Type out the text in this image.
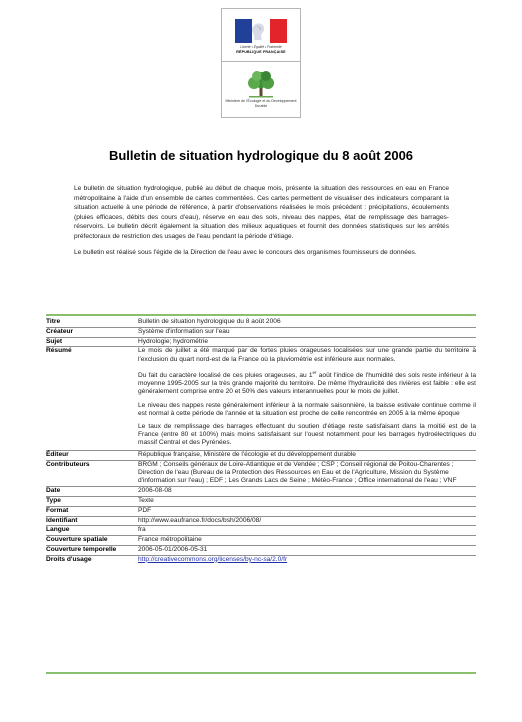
Liberté • Égalité • Fraternité
RÉPUBLIQUE FRANÇAISE
Ministère de l'Écologie et du Développement Durable
Bulletin de situation hydrologique du 8 août 2006

Le bulletin de situation hydrologique, publié au début de chaque mois, présente la situation des ressources en eau en France métropolitaine à l'aide d'un ensemble de cartes commentées. Ces cartes permettent de visualiser des indicateurs comparant la situation actuelle à une période de référence, à partir d'observations réalisées le mois précédent : précipitations, écoulements (pluies efficaces, débits des cours d'eau), réserve en eau des sols, niveau des nappes, état de remplissage des barrages-réservoirs. Le bulletin décrit également la situation des milieux aquatiques et fournit des données statistiques sur les arrêtés préfectoraux de restriction des usages de l'eau pendant la période d'étiage.

Le bulletin est réalisé sous l'égide de la Direction de l'eau avec le concours des organismes fournisseurs de données.

Titre	Bulletin de situation hydrologique du 8 août 2006
Créateur	Système d'information sur l'eau
Sujet	Hydrologie; hydrométrie
Résumé	Le mois de juillet a été marqué par de fortes pluies orageuses localisées sur une grande partie du territoire à l'exclusion du quart nord-est de la France où la pluviométrie est inférieure aux normales.

Du fait du caractère localisé de ces pluies orageuses, au 1er août l'indice de l'humidité des sols reste inférieur à la moyenne 1995-2005 sur la très grande majorité du territoire. De même l'hydraulicité des rivières est faible : elle est généralement comprise entre 20 et 50% des valeurs interannuelles pour le mois de juillet.

Le niveau des nappes reste généralement inférieur à la normale saisonnière, la baisse estivale continue comme il est normal à cette période de l'année et la situation est proche de celle rencontrée en 2005 à la même époque

Le taux de remplissage des barrages effectuant du soutien d'étiage reste satisfaisant dans la moitié est de la France (entre 80 et 100%) mais moins satisfaisant sur l'ouest notamment pour les barrages hydroélectriques du massif Central et des Pyrénées.

Éditeur	République française, Ministère de l'écologie et du développement durable
Contributeurs	BRGM ; Conseils généraux de Loire-Atlantique et de Vendée ; CSP ; Conseil régional de Poitou-Charentes ; Direction de l'eau (Bureau de la Protection des Ressources en Eau et de l'Agriculture, Mission du Système d'information sur l'eau) ; EDF ; Les Grands Lacs de Seine ; Météo-France ; Office international de l'eau ; VNF
Date	2006-08-08
Type	Texte
Format	PDF
Identifiant	http://www.eaufrance.fr/docs/bsh/2006/08/
Langue	fra
Couverture spatiale	France métropolitaine
Couverture temporelle	2006-05-01/2006-05-31
Droits d'usage	http://creativecommons.org/licenses/by-nc-sa/2.0/fr
